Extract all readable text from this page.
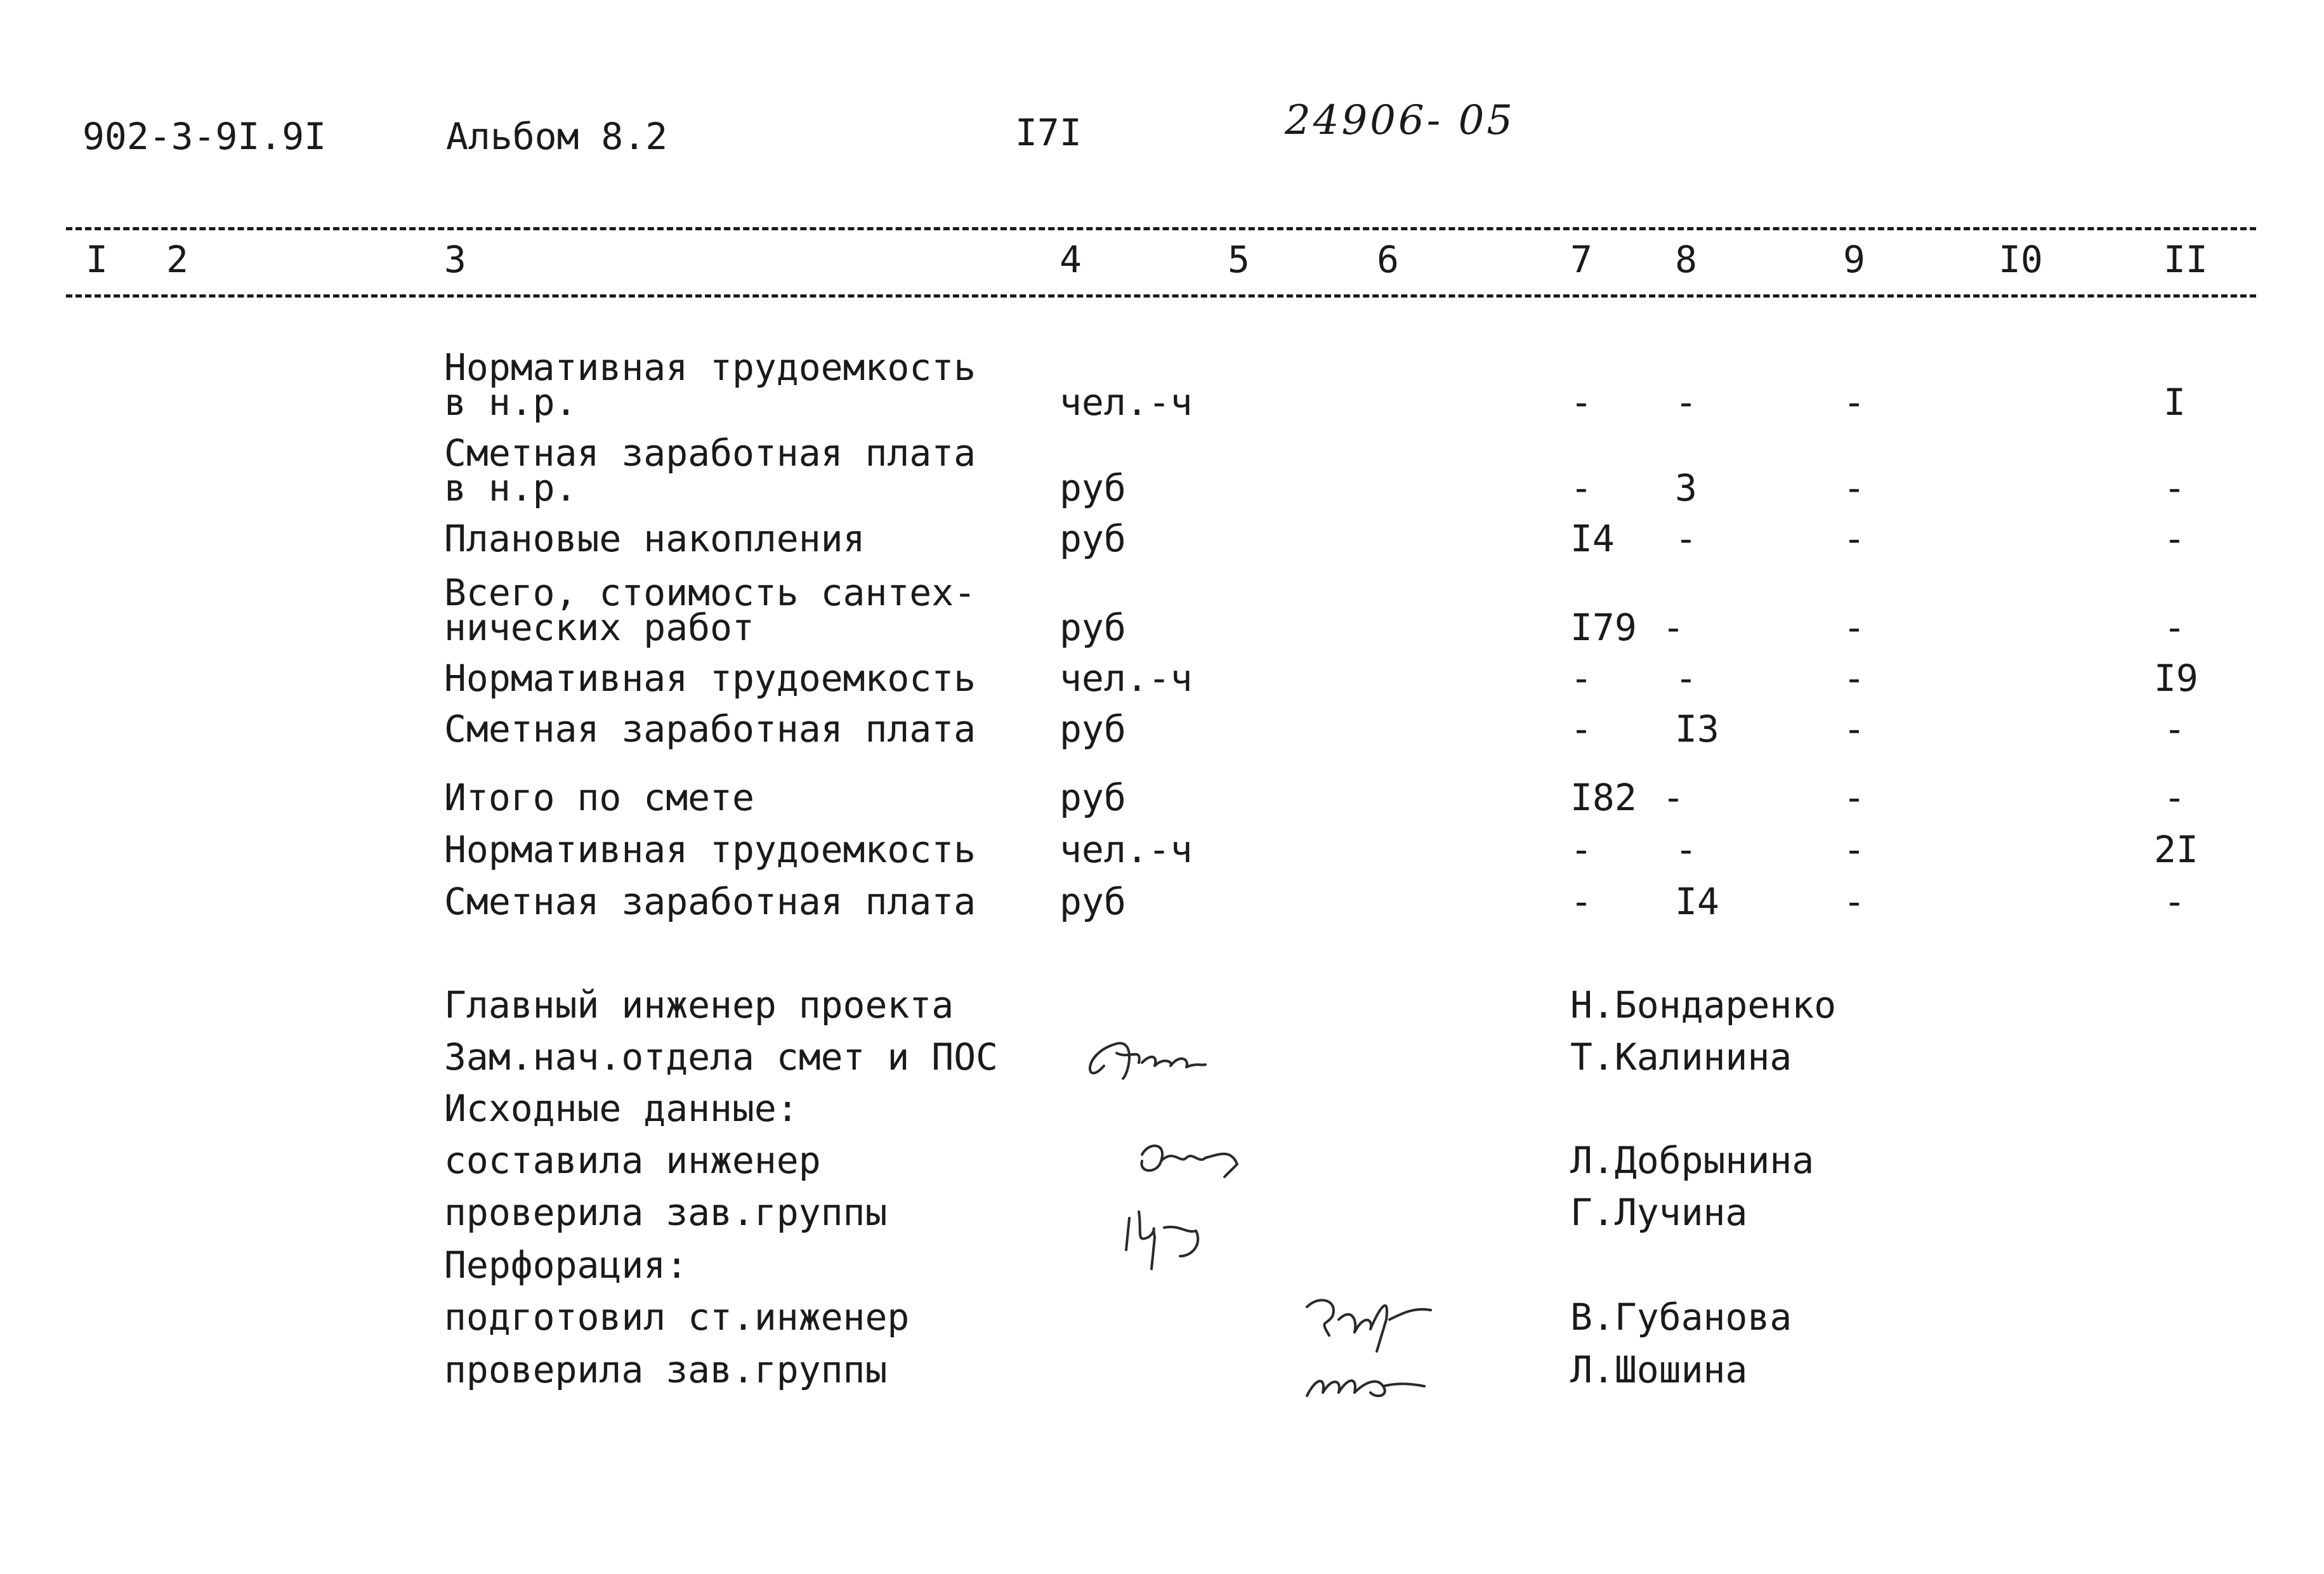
902-3-9I.9I	Альбом 8.2	I7I	24906- 05
I 2	3	4	5	6	7 8	9	I0	II
Нормативная трудоемкость
в н.р.	чел.-ч	- -	-	I
Сметная заработная плата
в н.р.	руб	- 3	-	-
Плановые накопления	руб	I4 -	-	-
Всего, стоимость сантех-
нических работ	руб	I79 -	-	-
Нормативная трудоемкость чел.-ч	- -	-	I9
Сметная заработная плата руб	- I3	-	-
Итого по смете	руб	I82 -	-	-
Нормативная трудоемкость чел.-ч	- -	-	2I
Сметная заработная плата руб	- I4	-	-
Главный инженер проекта	Н.Бондаренко
Зам.нач.отдела смет и ПОС	Т.Калинина
Исходные данные:
составила инженер	Л.Добрынина
проверила зав.группы	Г.Лучина
Перфорация:
подготовил ст.инженер	В.Губанова
проверила зав.группы	Л.Шошина
